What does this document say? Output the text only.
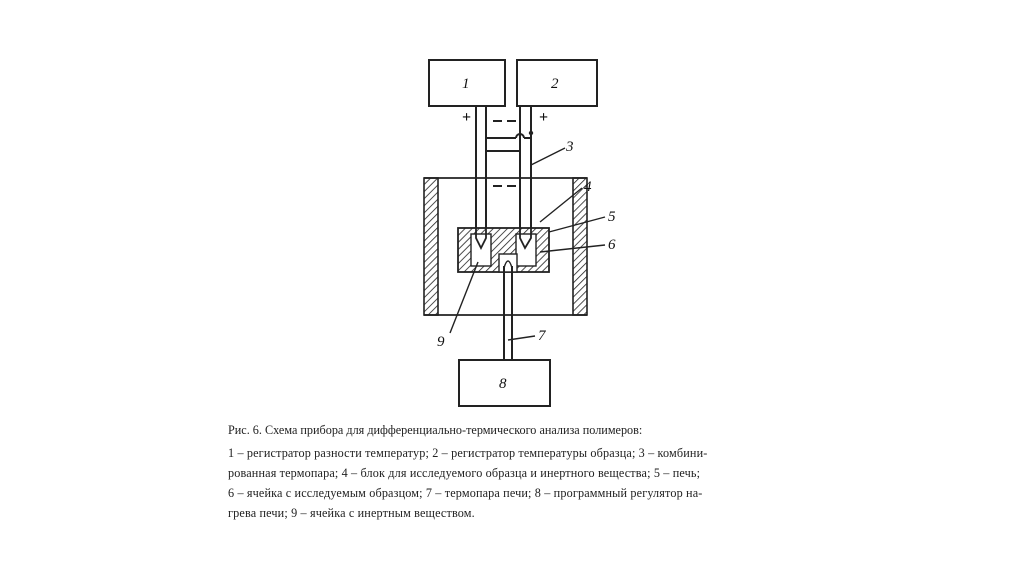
1	2
+	+
8
3
4
5
6
7
9

Рис. 6. Схема прибора для дифференциально-термического анализа полимеров:

1 – регистратор разности температур; 2 – регистратор температуры образца; 3 – комбини-

рованная термопара; 4 – блок для исследуемого образца и инертного вещества; 5 – печь;

6 – ячейка с исследуемым образцом; 7 – термопара печи; 8 – программный регулятор на-

грева печи; 9 – ячейка с инертным веществом.
